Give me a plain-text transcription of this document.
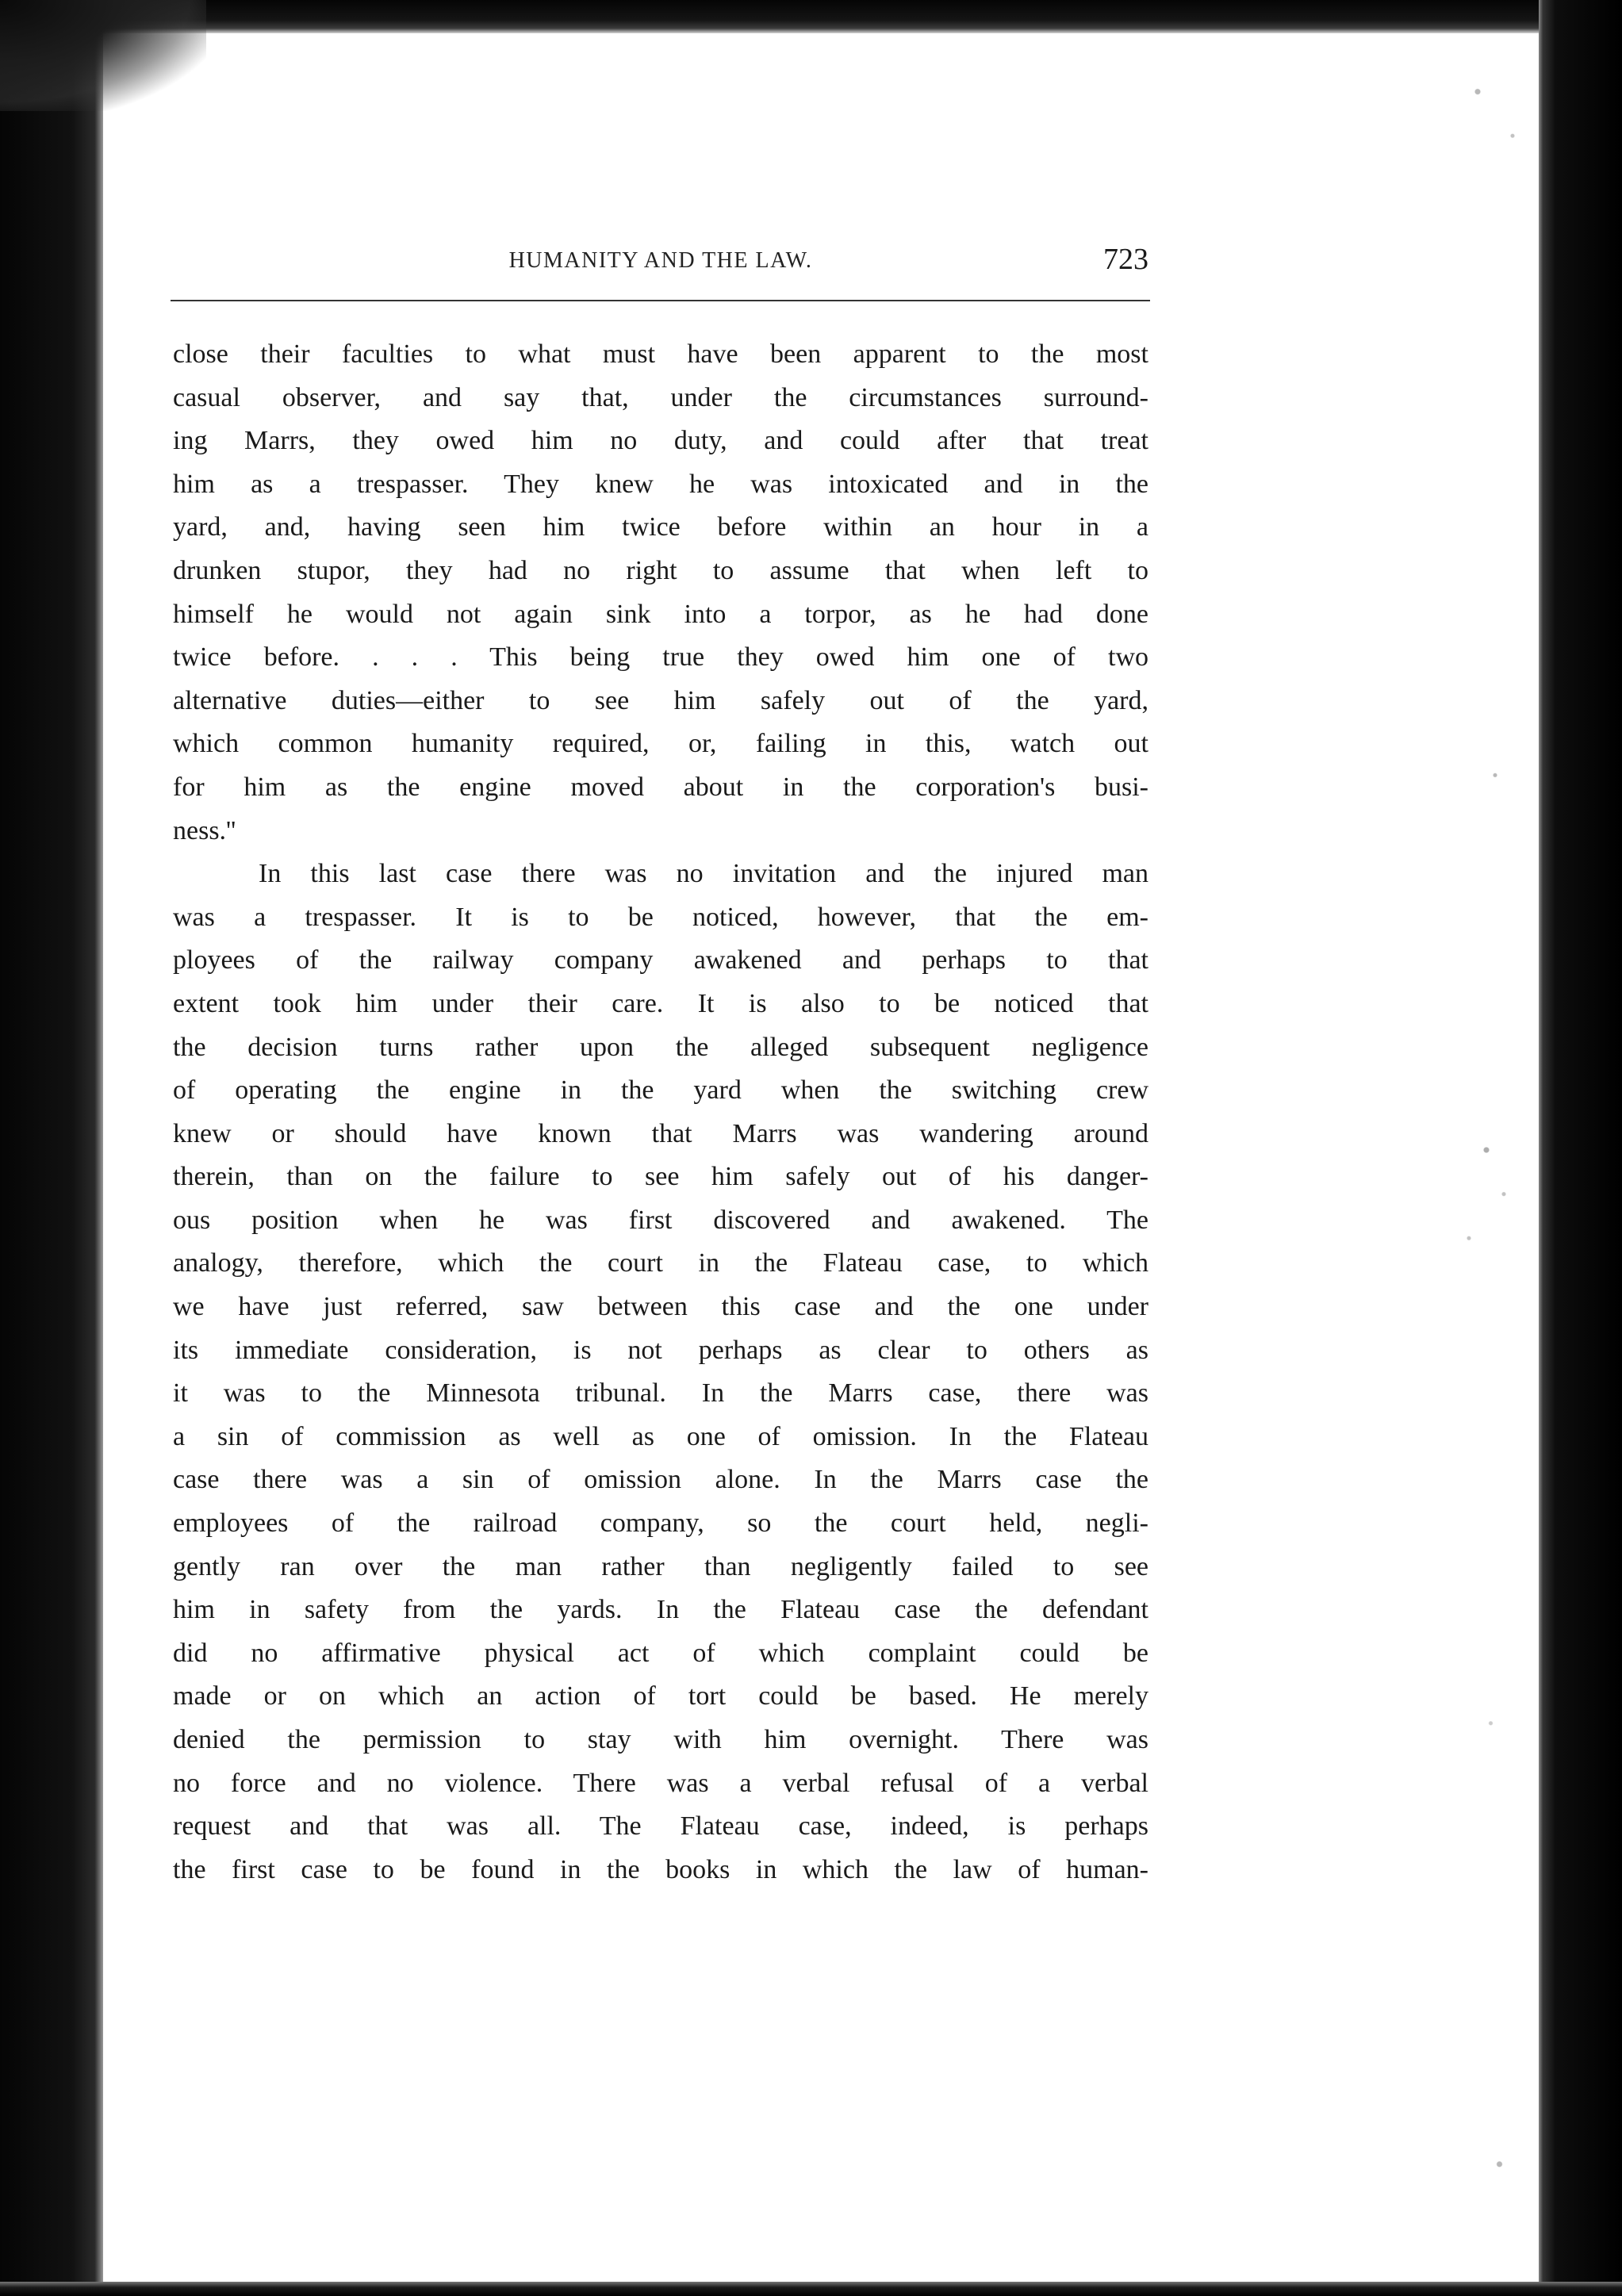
HUMANITY AND THE LAW.	723

close their faculties to what must have been apparent to the most
casual observer, and say that, under the circumstances surround-
ing Marrs, they owed him no duty, and could after that treat
him as a trespasser. They knew he was intoxicated and in the
yard, and, having seen him twice before within an hour in a
drunken stupor, they had no right to assume that when left to
himself he would not again sink into a torpor, as he had done
twice before. . . . This being true they owed him one of two
alternative duties—either to see him safely out of the yard,
which common humanity required, or, failing in this, watch out
for him as the engine moved about in the corporation's busi-
ness.''

In this last case there was no invitation and the injured man
was a trespasser. It is to be noticed, however, that the em-
ployees of the railway company awakened and perhaps to that
extent took him under their care. It is also to be noticed that
the decision turns rather upon the alleged subsequent negligence
of operating the engine in the yard when the switching crew
knew or should have known that Marrs was wandering around
therein, than on the failure to see him safely out of his danger-
ous position when he was first discovered and awakened. The
analogy, therefore, which the court in the Flateau case, to which
we have just referred, saw between this case and the one under
its immediate consideration, is not perhaps as clear to others as
it was to the Minnesota tribunal. In the Marrs case, there was
a sin of commission as well as one of omission. In the Flateau
case there was a sin of omission alone. In the Marrs case the
employees of the railroad company, so the court held, negli-
gently ran over the man rather than negligently failed to see
him in safety from the yards. In the Flateau case the defendant
did no affirmative physical act of which complaint could be
made or on which an action of tort could be based. He merely
denied the permission to stay with him overnight. There was
no force and no violence. There was a verbal refusal of a verbal
request and that was all. The Flateau case, indeed, is perhaps
the first case to be found in the books in which the law of human-
